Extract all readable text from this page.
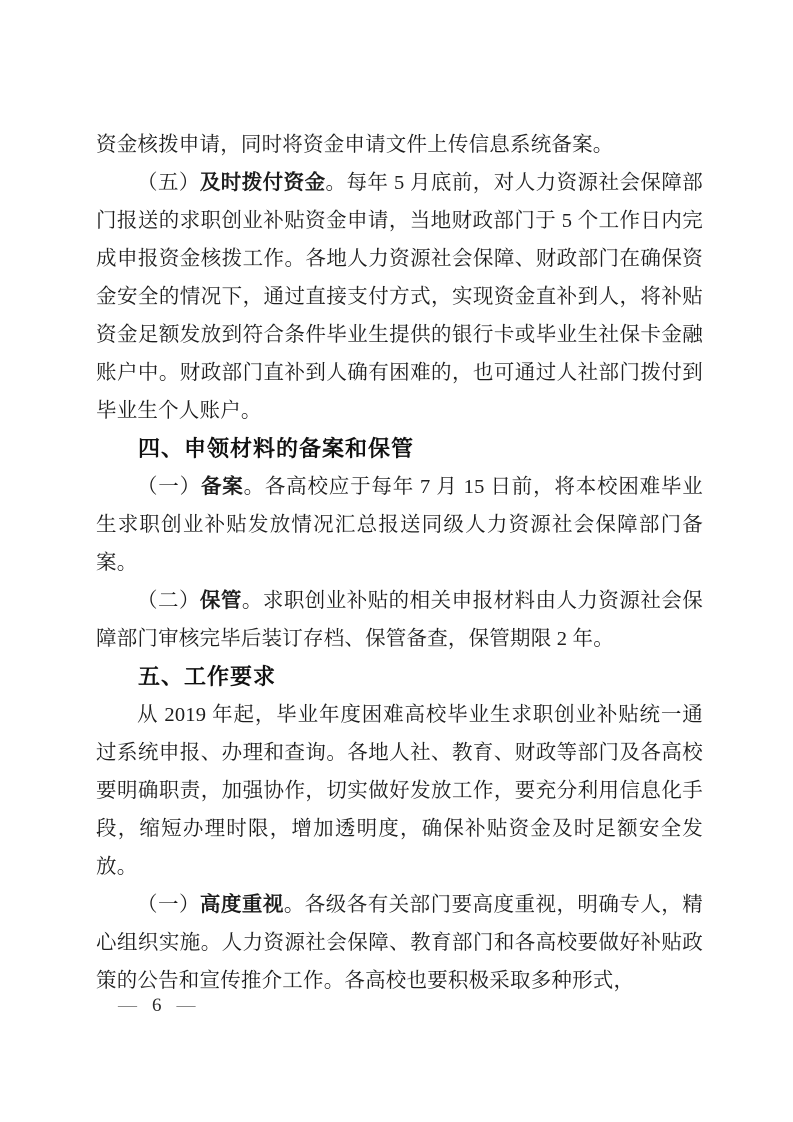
资金核拨申请，同时将资金申请文件上传信息系统备案。

（五）及时拨付资金。每年 5 月底前，对人力资源社会保障部门报送的求职创业补贴资金申请，当地财政部门于 5 个工作日内完成申报资金核拨工作。各地人力资源社会保障、财政部门在确保资金安全的情况下，通过直接支付方式，实现资金直补到人，将补贴资金足额发放到符合条件毕业生提供的银行卡或毕业生社保卡金融账户中。财政部门直补到人确有困难的，也可通过人社部门拨付到毕业生个人账户。

四、申领材料的备案和保管

（一）备案。各高校应于每年 7 月 15 日前，将本校困难毕业生求职创业补贴发放情况汇总报送同级人力资源社会保障部门备案。

（二）保管。求职创业补贴的相关申报材料由人力资源社会保障部门审核完毕后装订存档、保管备查，保管期限 2 年。

五、工作要求

从 2019 年起，毕业年度困难高校毕业生求职创业补贴统一通过系统申报、办理和查询。各地人社、教育、财政等部门及各高校要明确职责，加强协作，切实做好发放工作，要充分利用信息化手段，缩短办理时限，增加透明度，确保补贴资金及时足额安全发放。

（一）高度重视。各级各有关部门要高度重视，明确专人，精心组织实施。人力资源社会保障、教育部门和各高校要做好补贴政策的公告和宣传推介工作。各高校也要积极采取多种形式，

— 6 —
